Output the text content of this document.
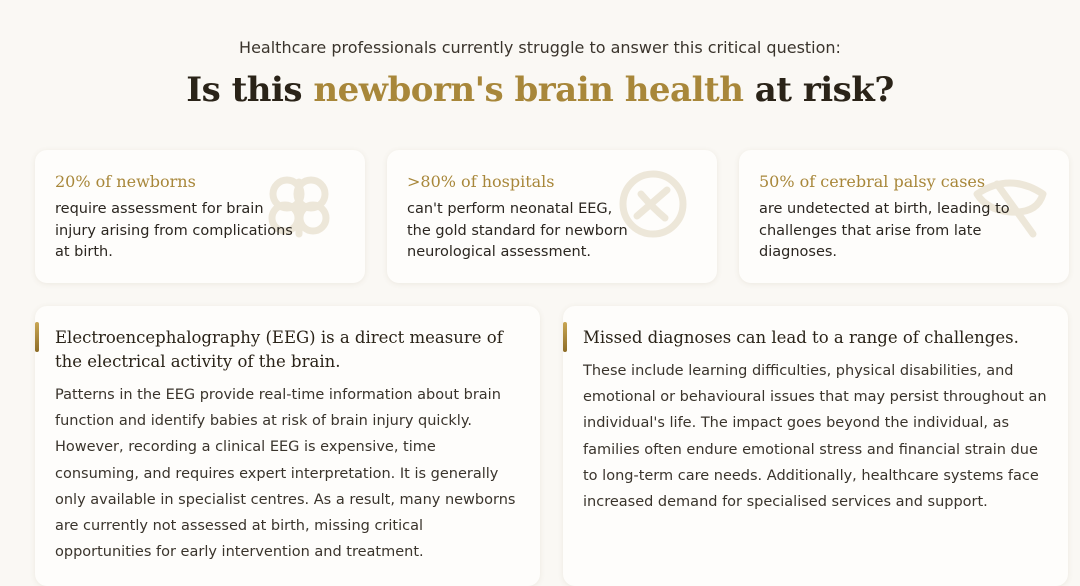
Healthcare professionals currently struggle to answer this critical question:
Is this newborn's brain health at risk?
20% of newborns
require assessment for brain injury arising from complications at birth.
>80% of hospitals
can't perform neonatal EEG, the gold standard for newborn neurological assessment.
50% of cerebral palsy cases
are undetected at birth, leading to challenges that arise from late diagnoses.
Electroencephalography (EEG) is a direct measure of the electrical activity of the brain.
Patterns in the EEG provide real-time information about brain function and identify babies at risk of brain injury quickly. However, recording a clinical EEG is expensive, time consuming, and requires expert interpretation. It is generally only available in specialist centres. As a result, many newborns are currently not assessed at birth, missing critical opportunities for early intervention and treatment.
Missed diagnoses can lead to a range of challenges.
These include learning difficulties, physical disabilities, and emotional or behavioural issues that may persist throughout an individual's life. The impact goes beyond the individual, as families often endure emotional stress and financial strain due to long-term care needs. Additionally, healthcare systems face increased demand for specialised services and support.
